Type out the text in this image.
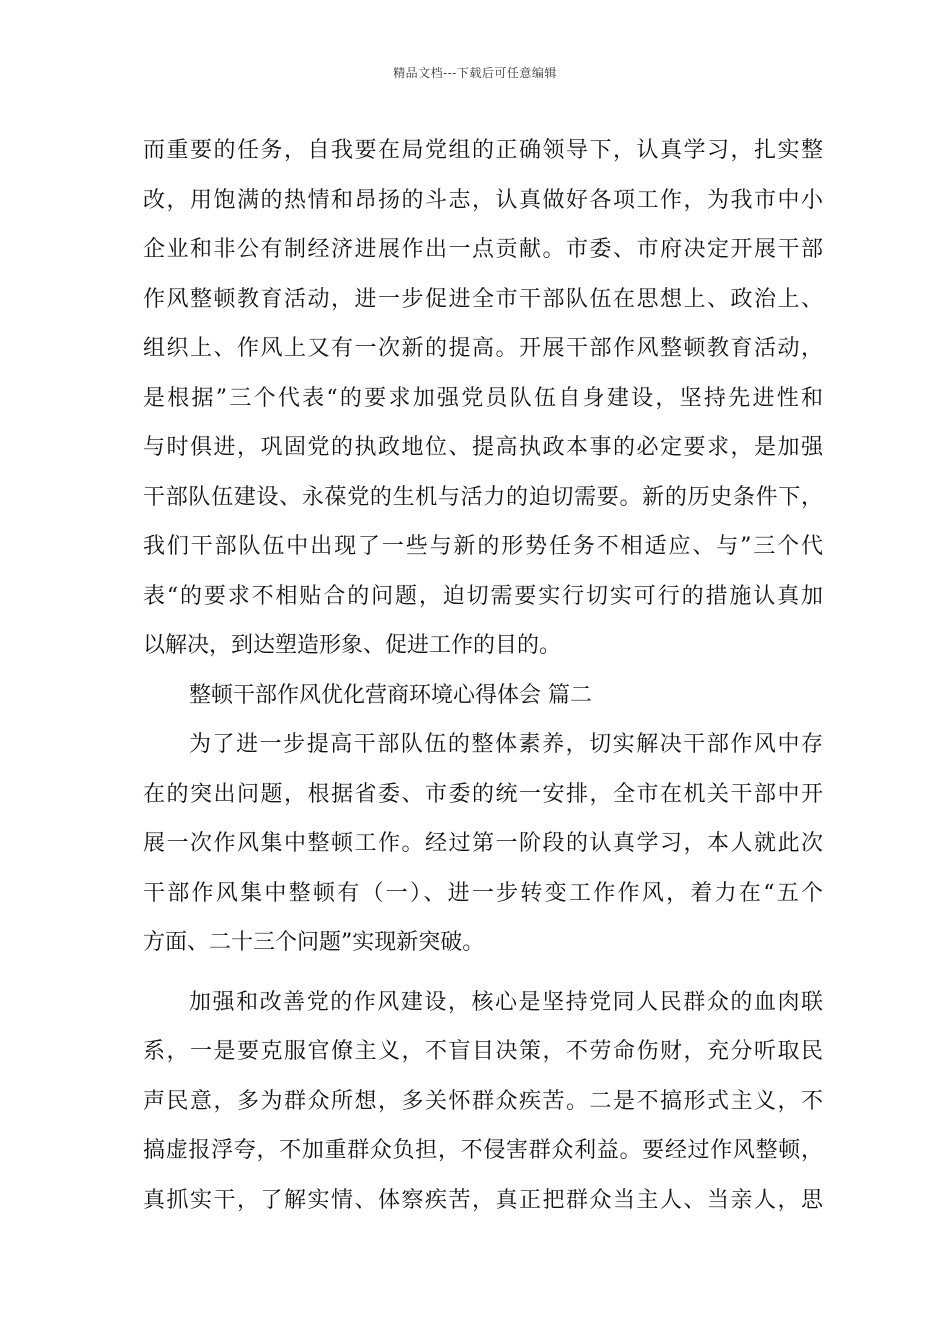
精品文档---下载后可任意编辑
而重要的任务，自我要在局党组的正确领导下，认真学习，扎实整
改，用饱满的热情和昂扬的斗志，认真做好各项工作，为我市中小
企业和非公有制经济进展作出一点贡献。市委、市府决定开展干部
作风整顿教育活动，进一步促进全市干部队伍在思想上、政治上、
组织上、作风上又有一次新的提高。开展干部作风整顿教育活动，
是根据”三个代表“的要求加强党员队伍自身建设，坚持先进性和
与时俱进，巩固党的执政地位、提高执政本事的必定要求，是加强
干部队伍建设、永葆党的生机与活力的迫切需要。新的历史条件下，
我们干部队伍中出现了一些与新的形势任务不相适应、与”三个代
表“的要求不相贴合的问题，迫切需要实行切实可行的措施认真加
以解决，到达塑造形象、促进工作的目的。
整顿干部作风优化营商环境心得体会 篇二
为了进一步提高干部队伍的整体素养，切实解决干部作风中存
在的突出问题，根据省委、市委的统一安排，全市在机关干部中开
展一次作风集中整顿工作。经过第一阶段的认真学习，本人就此次
干部作风集中整顿有（一）、进一步转变工作作风，着力在“五个
方面、二十三个问题”实现新突破。
加强和改善党的作风建设，核心是坚持党同人民群众的血肉联
系，一是要克服官僚主义，不盲目决策，不劳命伤财，充分听取民
声民意，多为群众所想，多关怀群众疾苦。二是不搞形式主义，不
搞虚报浮夸，不加重群众负担，不侵害群众利益。要经过作风整顿，
真抓实干，了解实情、体察疾苦，真正把群众当主人、当亲人，思
